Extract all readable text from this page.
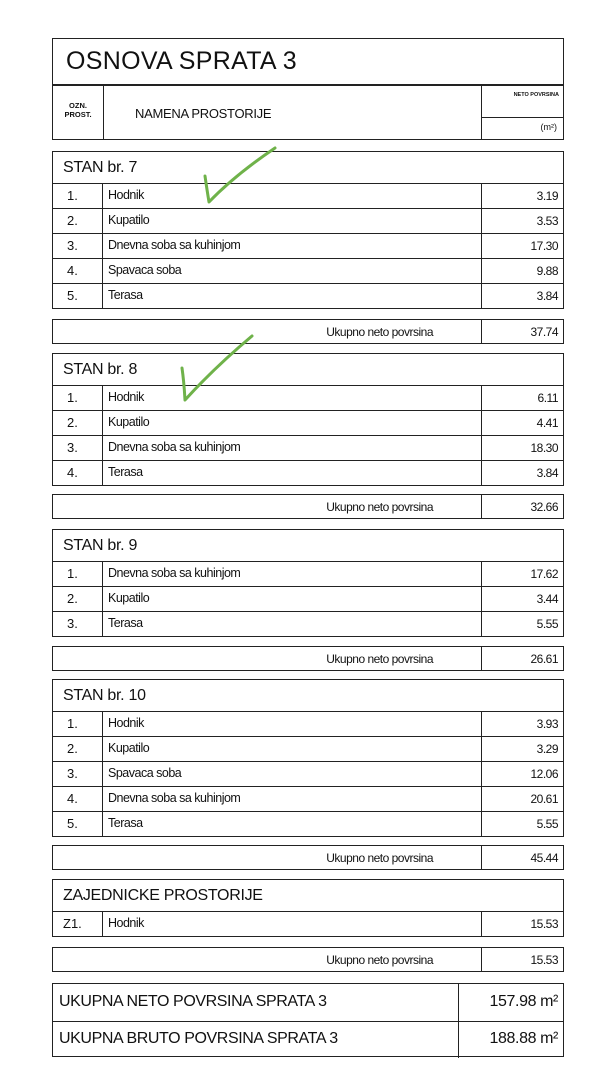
OSNOVA SPRATA 3
OZN. PROST.	NAMENA PROSTORIJE
NETO POVRSINA
(m²)
STAN br. 7
1. Hodnik	3.19
2. Kupatilo	3.53
3. Dnevna soba sa kuhinjom	17.30
4. Spavaca soba	9.88
5. Terasa	3.84
Ukupno neto povrsina	37.74
STAN br. 8
1. Hodnik	6.11
2. Kupatilo	4.41
3. Dnevna soba sa kuhinjom	18.30
4. Terasa	3.84
Ukupno neto povrsina	32.66
STAN br. 9
1. Dnevna soba sa kuhinjom	17.62
2. Kupatilo	3.44
3. Terasa	5.55
Ukupno neto povrsina	26.61
STAN br. 10
1. Hodnik	3.93
2. Kupatilo	3.29
3. Spavaca soba	12.06
4. Dnevna soba sa kuhinjom	20.61
5. Terasa	5.55
Ukupno neto povrsina	45.44
ZAJEDNICKE PROSTORIJE
Z1. Hodnik	15.53
Ukupno neto povrsina	15.53
UKUPNA NETO POVRSINA SPRATA 3	157.98 m²
UKUPNA BRUTO POVRSINA SPRATA 3	188.88 m²
